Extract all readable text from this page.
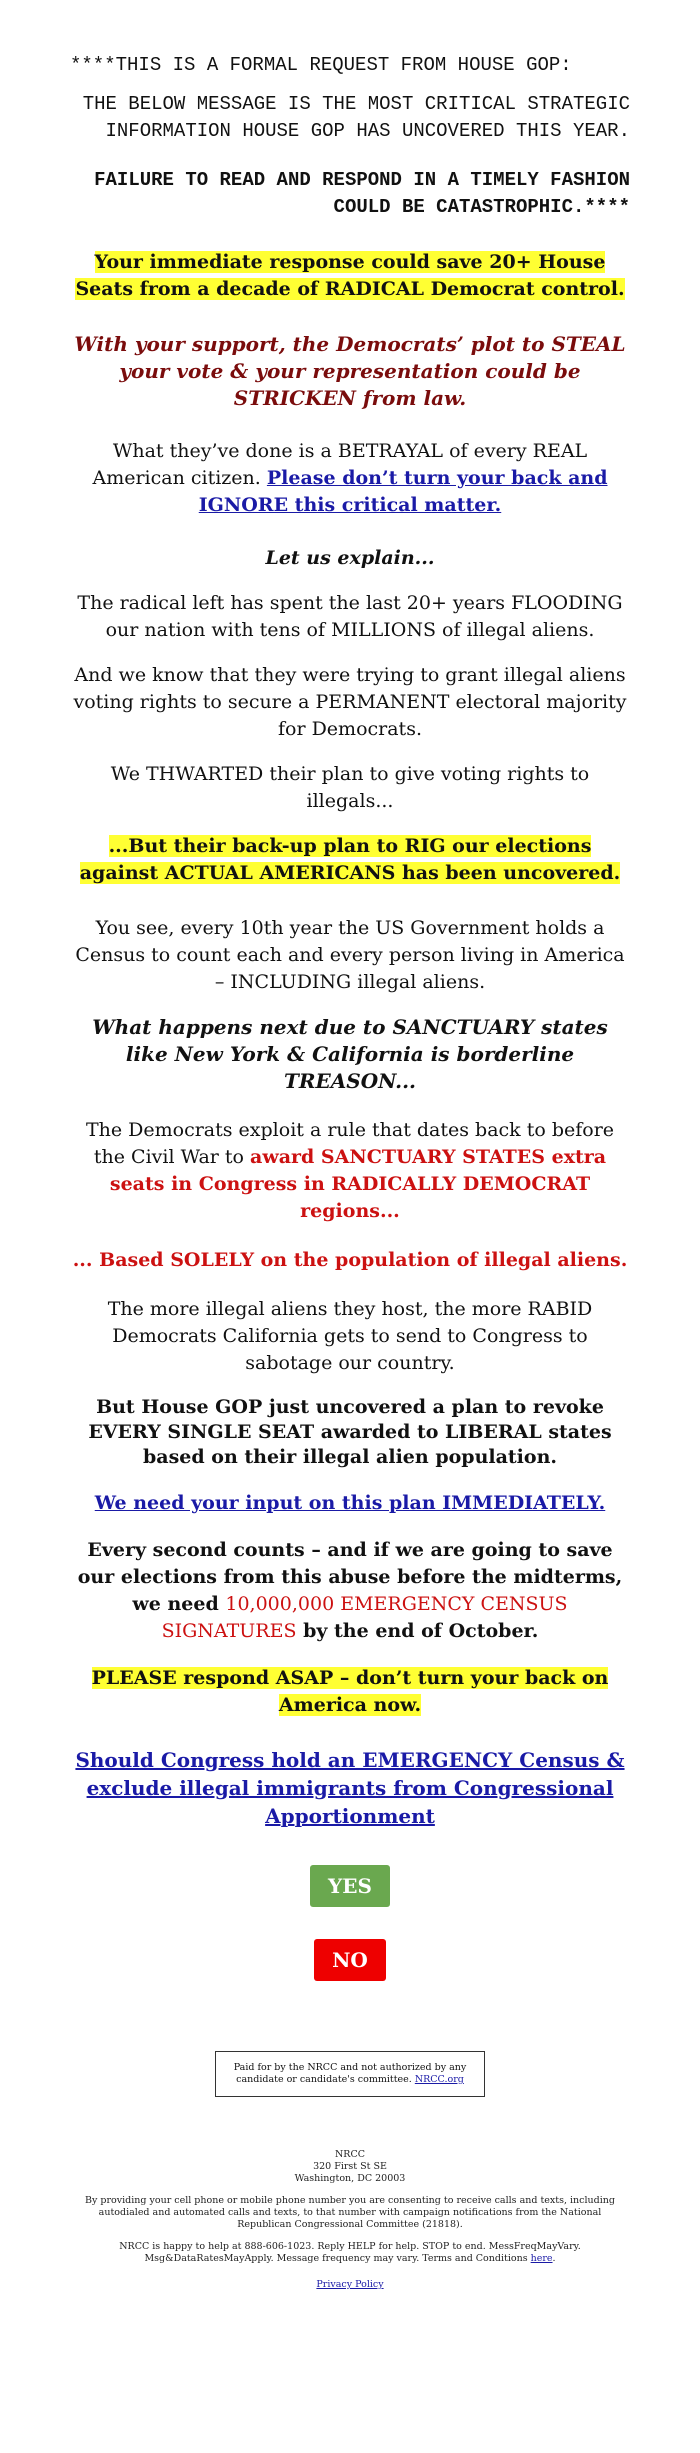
****THIS IS A FORMAL REQUEST FROM HOUSE GOP:
THE BELOW MESSAGE IS THE MOST CRITICAL STRATEGIC INFORMATION HOUSE GOP HAS UNCOVERED THIS YEAR.
FAILURE TO READ AND RESPOND IN A TIMELY FASHION COULD BE CATASTROPHIC.****

Your immediate response could save 20+ House Seats from a decade of RADICAL Democrat control.

With your support, the Democrats’ plot to STEAL your vote & your representation could be STRICKEN from law.

What they’ve done is a BETRAYAL of every REAL American citizen. Please don’t turn your back and IGNORE this critical matter.

Let us explain...

The radical left has spent the last 20+ years FLOODING our nation with tens of MILLIONS of illegal aliens.

And we know that they were trying to grant illegal aliens voting rights to secure a PERMANENT electoral majority for Democrats.

We THWARTED their plan to give voting rights to illegals...

...But their back-up plan to RIG our elections against ACTUAL AMERICANS has been uncovered.

You see, every 10th year the US Government holds a Census to count each and every person living in America – INCLUDING illegal aliens.

What happens next due to SANCTUARY states like New York & California is borderline TREASON...

The Democrats exploit a rule that dates back to before the Civil War to award SANCTUARY STATES extra seats in Congress in RADICALLY DEMOCRAT regions...

... Based SOLELY on the population of illegal aliens.

The more illegal aliens they host, the more RABID Democrats California gets to send to Congress to sabotage our country.

But House GOP just uncovered a plan to revoke EVERY SINGLE SEAT awarded to LIBERAL states based on their illegal alien population.

We need your input on this plan IMMEDIATELY.

Every second counts – and if we are going to save our elections from this abuse before the midterms, we need 10,000,000 EMERGENCY CENSUS SIGNATURES by the end of October.

PLEASE respond ASAP – don’t turn your back on America now.

Should Congress hold an EMERGENCY Census & exclude illegal immigrants from Congressional Apportionment

YES
NO
Paid for by the NRCC and not authorized by any candidate or candidate's committee. NRCC.org
NRCC
320 First St SE
Washington, DC 20003
By providing your cell phone or mobile phone number you are consenting to receive calls and texts, including autodialed and automated calls and texts, to that number with campaign notifications from the National Republican Congressional Committee (21818).
NRCC is happy to help at 888-606-1023. Reply HELP for help. STOP to end. MessFreqMayVary. Msg&DataRatesMayApply. Message frequency may vary. Terms and Conditions here.
Privacy Policy
